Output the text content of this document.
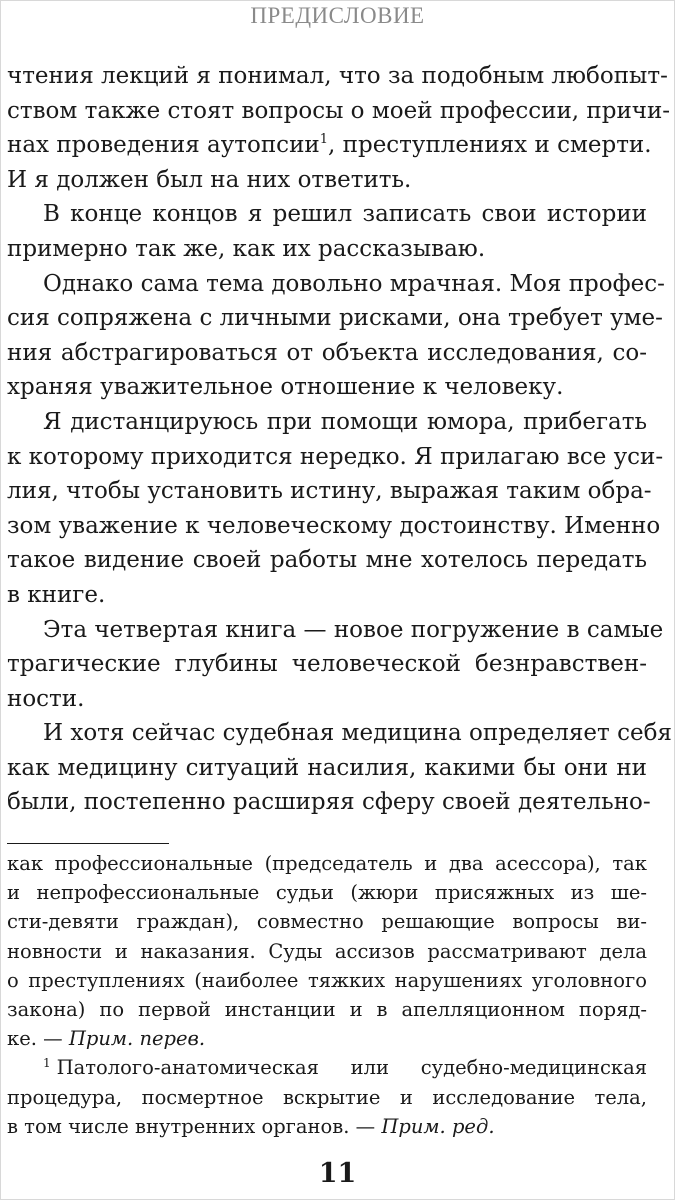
ПРЕДИСЛОВИЕ
чтения лекций я понимал, что за подобным любопыт-
ством также стоят вопросы о моей профессии, причи-
нах проведения аутопсии$^1$, преступлениях и смерти.
И я должен был на них ответить.
В конце концов я решил записать свои истории
примерно так же, как их рассказываю.
Однако сама тема довольно мрачная. Моя профес-
сия сопряжена с личными рисками, она требует уме-
ния абстрагироваться от объекта исследования, со-
храняя уважительное отношение к человеку.
Я дистанцируюсь при помощи юмора, прибегать
к которому приходится нередко. Я прилагаю все уси-
лия, чтобы установить истину, выражая таким обра-
зом уважение к человеческому достоинству. Именно
такое видение своей работы мне хотелось передать
в книге.
Эта четвертая книга — новое погружение в самые
трагические глубины человеческой безнравствен-
ности.
И хотя сейчас судебная медицина определяет себя
как медицину ситуаций насилия, какими бы они ни
были, постепенно расширяя сферу своей деятельно-
как профессиональные (председатель и два асессора), так
и непрофессиональные судьи (жюри присяжных из ше-
сти-девяти граждан), совместно решающие вопросы ви-
новности и наказания. Суды ассизов рассматривают дела
о преступлениях (наиболее тяжких нарушениях уголовного
закона) по первой инстанции и в апелляционном поряд-
ке. — Прим. перев.
$^1$ Патолого-анатомическая или судебно-медицинская
процедура, посмертное вскрытие и исследование тела,
в том числе внутренних органов. — Прим. ред.
11
